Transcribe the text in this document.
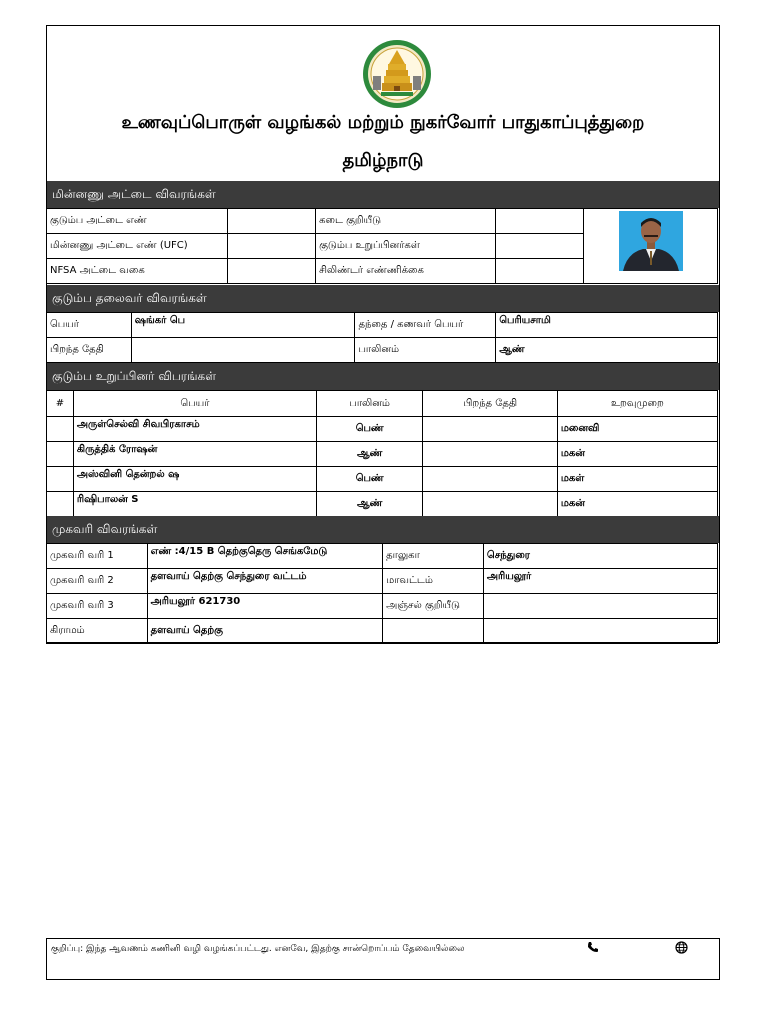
உணவுப்பொருள் வழங்கல் மற்றும் நுகர்வோர் பாதுகாப்புத்துறை
தமிழ்நாடு
மின்னணு அட்டை விவரங்கள்
குடும்ப அட்டை எண்		கடை குறியீடு		
மின்னணு அட்டை எண் (UFC)		குடும்ப உறுப்பினர்கள்		
NFSA அட்டை வகை		சிலிண்டர் எண்ணிக்கை		
குடும்ப தலைவர் விவரங்கள்
பெயர்	ஷங்கர் பெ	தந்தை / கணவர் பெயர்	பெரியசாமி
பிறந்த தேதி		பாலினம்	ஆண்
குடும்ப உறுப்பினர் விபரங்கள்
#	பெயர்	பாலினம்	பிறந்த தேதி	உறவுமுறை
	அருள்செல்வி சிவபிரகாசம்	பெண்		மனைவி
	கிருத்திக் ரோஷன்	ஆண்		மகன்
	அஸ்வினி தென்றல் ஷ	பெண்		மகள்
	ரிஷிபாலன் S	ஆண்		மகன்
முகவரி விவரங்கள்
முகவரி வரி 1	எண் :4/15 B தெற்குதெரு செங்கமேடு	தாலுகா	செந்துரை
முகவரி வரி 2	தளவாய் தெற்கு செந்துரை வட்டம்	மாவட்டம்	அரியலூர்
முகவரி வரி 3	அரியலூர் 621730	அஞ்சல் குறியீடு	
கிராமம்	தளவாய் தெற்கு		
குறிப்பு: இந்த ஆவணம் கணினி வழி வழங்கப்பட்டது. எனவே, இதற்கு சான்றொப்பம் தேவையில்லை
